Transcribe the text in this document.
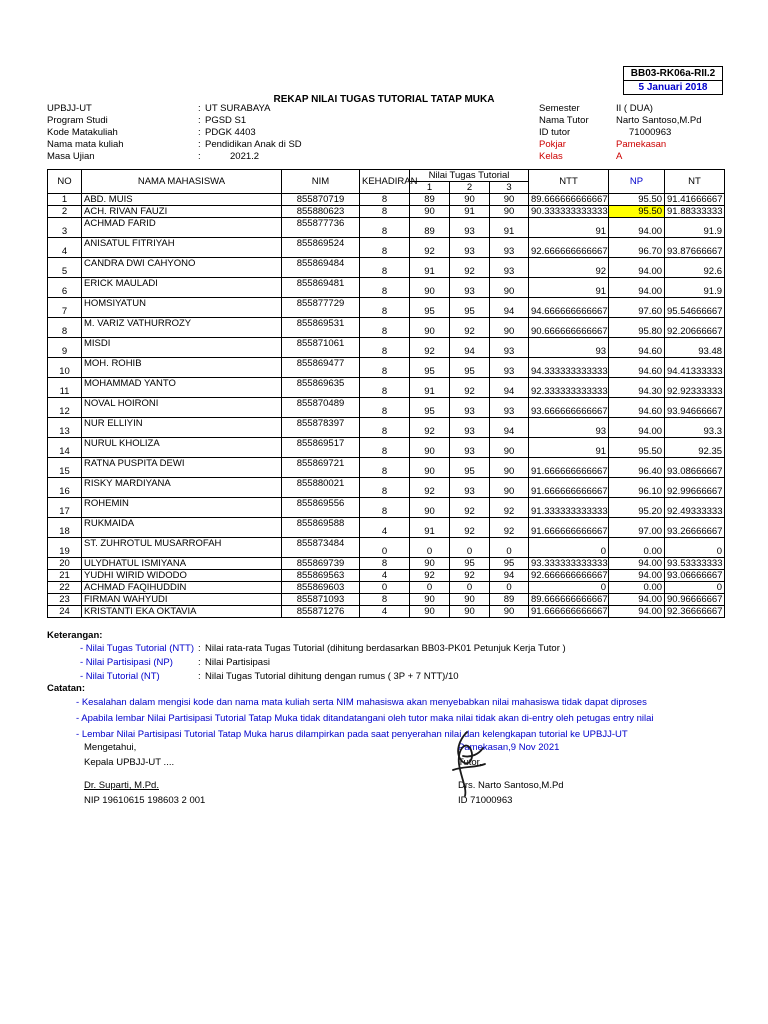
BB03-RK06a-RII.2
5 Januari 2018
REKAP NILAI TUGAS TUTORIAL TATAP MUKA
UPBJJ-UT	: UT SURABAYA
Program Studi	: PGSD S1
Kode Matakuliah	: PDGK 4403
Nama mata kuliah	: Pendidikan Anak di SD
Masa Ujian	:	2021.2
Semester	II ( DUA)
Nama Tutor	Narto Santoso,M.Pd
ID tutor	71000963
Pokjar	Pamekasan
Kelas	A
NO	NAMA MAHASISWA	NIM	KEHADIRAN	Nilai Tugas Tutorial			NTT	NP	NT
				1	2	3			
1	ABD. MUIS	855870719	8	89	90	90	89.666666666667	95.50	91.41666667
2	ACH. RIVAN FAUZI	855880623	8	90	91	90	90.333333333333	95.50	91.88333333
3	ACHMAD FARID	855877736	8	89	93	91	91	94.00	91.9
4	ANISATUL FITRIYAH	855869524	8	92	93	93	92.666666666667	96.70	93.87666667
5	CANDRA DWI CAHYONO	855869484	8	91	92	93	92	94.00	92.6
6	ERICK MAULADI	855869481	8	90	93	90	91	94.00	91.9
7	HOMSIYATUN	855877729	8	95	95	94	94.666666666667	97.60	95.54666667
8	M. VARIZ VATHURROZY	855869531	8	90	92	90	90.666666666667	95.80	92.20666667
9	MISDI	855871061	8	92	94	93	93	94.60	93.48
10	MOH. ROHIB	855869477	8	95	95	93	94.333333333333	94.60	94.41333333
11	MOHAMMAD YANTO	855869635	8	91	92	94	92.333333333333	94.30	92.92333333
12	NOVAL HOIRONI	855870489	8	95	93	93	93.666666666667	94.60	93.94666667
13	NUR ELLIYIN	855878397	8	92	93	94	93	94.00	93.3
14	NURUL KHOLIZA	855869517	8	90	93	90	91	95.50	92.35
15	RATNA PUSPITA DEWI	855869721	8	90	95	90	91.666666666667	96.40	93.08666667
16	RISKY MARDIYANA	855880021	8	92	93	90	91.666666666667	96.10	92.99666667
17	ROHEMIN	855869556	8	90	92	92	91.333333333333	95.20	92.49333333
18	RUKMAIDA	855869588	4	91	92	92	91.666666666667	97.00	93.26666667
19	ST. ZUHROTUL MUSARROFAH	855873484	0	0	0	0	0	0.00	0
20	ULYDHATUL ISMIYANA	855869739	8	90	95	95	93.333333333333	94.00	93.53333333
21	YUDHI WIRID WIDODO	855869563	4	92	92	94	92.666666666667	94.00	93.06666667
22	ACHMAD FAQIHUDDIN	855869603	0	0	0	0	0	0.00	0
23	FIRMAN WAHYUDI	855871093	8	90	90	89	89.666666666667	94.00	90.96666667
24	KRISTANTI EKA OKTAVIA	855871276	4	90	90	90	91.666666666667	94.00	92.36666667
Keterangan:
- Nilai Tugas Tutorial (NTT) : Nilai rata-rata Tugas Tutorial (dihitung berdasarkan BB03-PK01 Petunjuk Kerja Tutor )
- Nilai Partisipasi (NP)	: Nilai Partisipasi
- Nilai Tutorial (NT)	: Nilai Tugas Tutorial dihitung dengan rumus ( 3P + 7 NTT)/10
Catatan:
- Kesalahan dalam mengisi kode dan nama mata kuliah serta NIM mahasiswa akan menyebabkan nilai mahasiswa tidak dapat diproses
- Apabila lembar Nilai Partisipasi Tutorial Tatap Muka tidak ditandatangani oleh tutor maka nilai tidak akan di-entry oleh petugas entry nilai
- Lembar Nilai Partisipasi Tutorial Tatap Muka harus dilampirkan pada saat penyerahan nilai dan kelengkapan tutorial ke UPBJJ-UT
Mengetahui,
Kepala UPBJJ-UT ....
Dr. Suparti, M.Pd.
NIP 19610615 198603 2 001
Pamekasan,9 Nov 2021
Tutor,
Drs. Narto Santoso,M.Pd
ID 71000963
